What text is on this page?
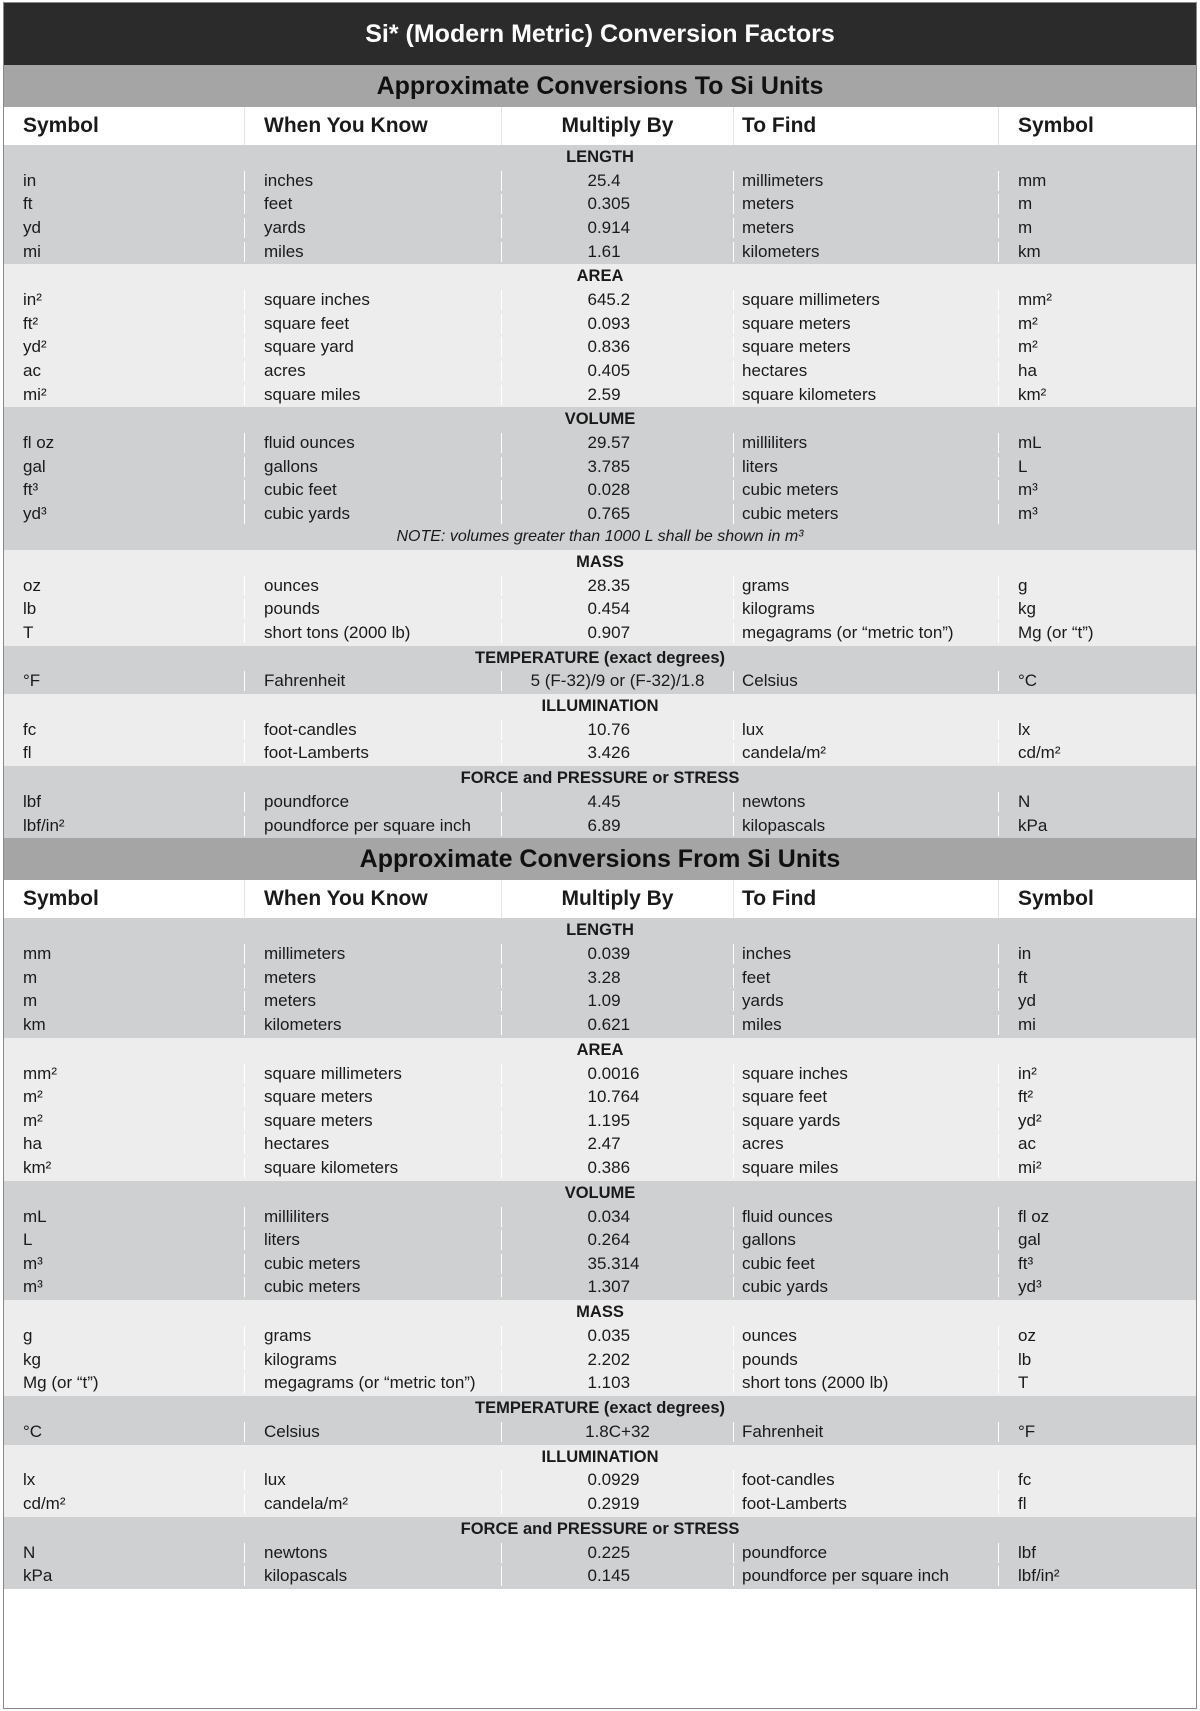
Si* (Modern Metric) Conversion Factors
Approximate Conversions To Si Units
Symbol	When You Know	Multiply By	To Find	Symbol
LENGTH
in	inches	25.4	millimeters	mm
ft	feet	0.305	meters	m
yd	yards	0.914	meters	m
mi	miles	1.61	kilometers	km
AREA
in²	square inches	645.2	square millimeters	mm²
ft²	square feet	0.093	square meters	m²
yd²	square yard	0.836	square meters	m²
ac	acres	0.405	hectares	ha
mi²	square miles	2.59	square kilometers	km²
VOLUME
fl oz	fluid ounces	29.57	milliliters	mL
gal	gallons	3.785	liters	L
ft³	cubic feet	0.028	cubic meters	m³
yd³	cubic yards	0.765	cubic meters	m³
NOTE: volumes greater than 1000 L shall be shown in m³
MASS
oz	ounces	28.35	grams	g
lb	pounds	0.454	kilograms	kg
T	short tons (2000 lb)	0.907	megagrams (or “metric ton”)	Mg (or “t”)
TEMPERATURE (exact degrees)
°F	Fahrenheit	5 (F-32)/9 or (F-32)/1.8	Celsius	°C
ILLUMINATION
fc	foot-candles	10.76	lux	lx
fl	foot-Lamberts	3.426	candela/m²	cd/m²
FORCE and PRESSURE or STRESS
lbf	poundforce	4.45	newtons	N
lbf/in²	poundforce per square inch	6.89	kilopascals	kPa
Approximate Conversions From Si Units
Symbol	When You Know	Multiply By	To Find	Symbol
LENGTH
mm	millimeters	0.039	inches	in
m	meters	3.28	feet	ft
m	meters	1.09	yards	yd
km	kilometers	0.621	miles	mi
AREA
mm²	square millimeters	0.0016	square inches	in²
m²	square meters	10.764	square feet	ft²
m²	square meters	1.195	square yards	yd²
ha	hectares	2.47	acres	ac
km²	square kilometers	0.386	square miles	mi²
VOLUME
mL	milliliters	0.034	fluid ounces	fl oz
L	liters	0.264	gallons	gal
m³	cubic meters	35.314	cubic feet	ft³
m³	cubic meters	1.307	cubic yards	yd³
MASS
g	grams	0.035	ounces	oz
kg	kilograms	2.202	pounds	lb
Mg (or “t”)	megagrams (or “metric ton”)	1.103	short tons (2000 lb)	T
TEMPERATURE (exact degrees)
°C	Celsius	1.8C+32	Fahrenheit	°F
ILLUMINATION
lx	lux	0.0929	foot-candles	fc
cd/m²	candela/m²	0.2919	foot-Lamberts	fl
FORCE and PRESSURE or STRESS
N	newtons	0.225	poundforce	lbf
kPa	kilopascals	0.145	poundforce per square inch	lbf/in²
